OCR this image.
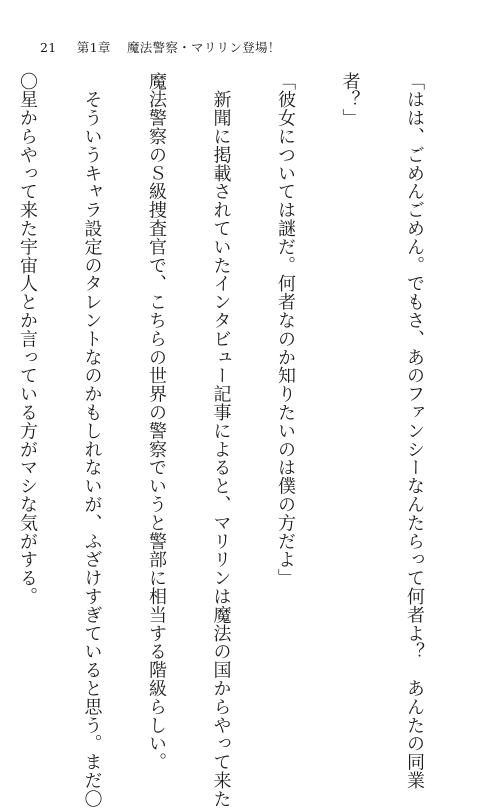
21 第1章 魔法警察・マリリン登場！

「はは、ごめんごめん。でもさ、あのファンシーなんたらって何者よ？　あんたの同業

者？」

「彼女については謎だ。何者なのか知りたいのは僕の方だよ」

　新聞に掲載されていたインタビュー記事によると、マリリンは魔法の国からやって来た

魔法警察のＳ級捜査官で、こちらの世界の警察でいうと警部に相当する階級らしい。

　そういうキャラ設定のタレントなのかもしれないが、ふざけすぎていると思う。まだ〇

〇星からやって来た宇宙人とか言っている方がマシな気がする。
